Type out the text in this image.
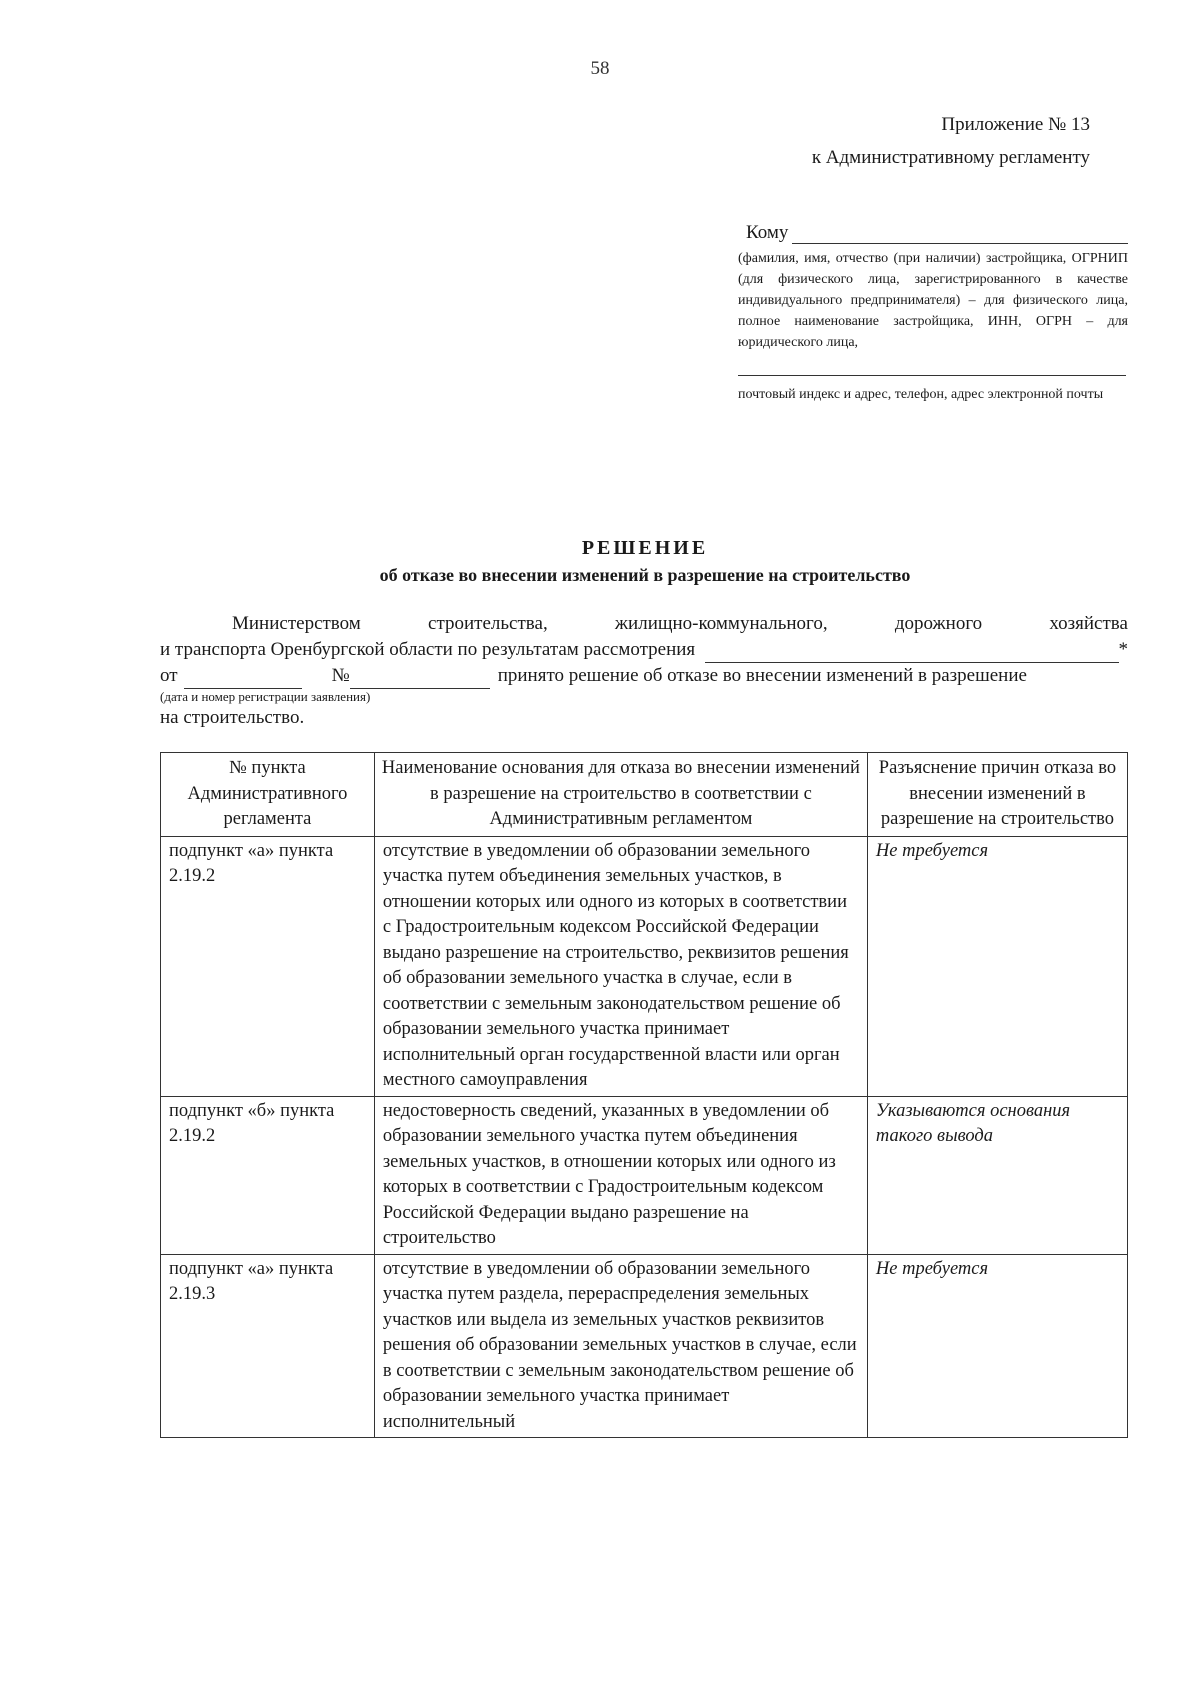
58
Приложение № 13
к Административному регламенту
Кому
(фамилия, имя, отчество (при наличии) застройщика, ОГРНИП (для физического лица, зарегистрированного в качестве индивидуального предпринимателя) – для физического лица, полное наименование застройщика, ИНН, ОГРН – для юридического лица,
почтовый индекс и адрес, телефон, адрес электронной почты
РЕШЕНИЕ
об отказе во внесении изменений в разрешение на строительство
Министерством	строительства,	жилищно-коммунального,	дорожного	хозяйства
и транспорта Оренбургской области по результатам рассмотрения	*
от	№	принято решение об отказе во внесении изменений в разрешение
(дата и номер регистрации заявления)
на строительство.
№ пункта Административного регламента	Наименование основания для отказа во внесении изменений в разрешение на строительство в соответствии с Административным регламентом	Разъяснение причин отказа во внесении изменений в разрешение на строительство
подпункт «а» пункта 2.19.2	отсутствие в уведомлении об образовании земельного участка путем объединения земельных участков, в отношении которых или одного из которых в соответствии с Градостроительным кодексом Российской Федерации выдано разрешение на строительство, реквизитов решения об образовании земельного участка в случае, если в соответствии с земельным законодательством решение об образовании земельного участка принимает исполнительный орган государственной власти или орган местного самоуправления	Не требуется
подпункт «б» пункта 2.19.2	недостоверность сведений, указанных в уведомлении об образовании земельного участка путем объединения земельных участков, в отношении которых или одного из которых в соответствии с Градостроительным кодексом Российской Федерации выдано разрешение на строительство	Указываются основания такого вывода
подпункт «а» пункта 2.19.3	отсутствие в уведомлении об образовании земельного участка путем раздела, перераспределения земельных участков или выдела из земельных участков реквизитов решения об образовании земельных участков в случае, если в соответствии с земельным законодательством решение об образовании земельного участка принимает исполнительный	Не требуется
